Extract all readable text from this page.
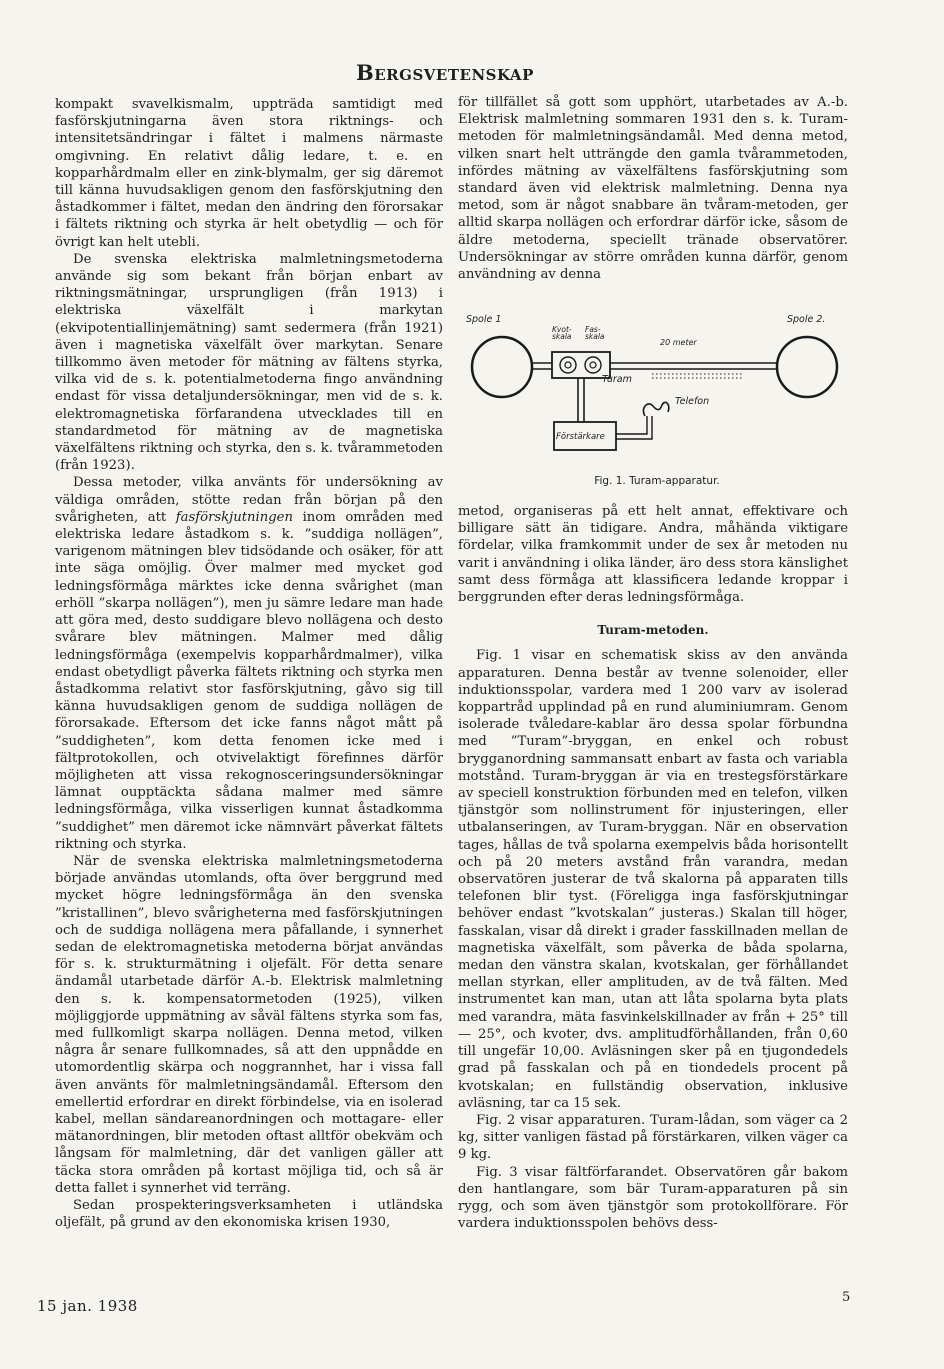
Bergsvetenskap

kompakt svavelkismalm, uppträda samtidigt med fasförskjutningarna även stora riktnings- och intensitetsändringar i fältet i malmens närmaste omgivning. En relativt dålig ledare, t. e. en kopparhårdmalm eller en zink-blymalm, ger sig däremot till känna huvudsakligen genom den fasförskjutning den åstadkommer i fältet, medan den ändring den förorsakar i fältets riktning och styrka är helt obetydlig — och för övrigt kan helt utebli.

De svenska elektriska malmletningsmetoderna använde sig som bekant från början enbart av riktningsmätningar, ursprungligen (från 1913) i elektriska växelfält i markytan (ekvipotentiallinjemätning) samt sedermera (från 1921) även i magnetiska växelfält över markytan. Senare tillkommo även metoder för mätning av fältens styrka, vilka vid de s. k. potentialmetoderna fingo användning endast för vissa detaljundersökningar, men vid de s. k. elektromagnetiska förfarandena utvecklades till en standardmetod för mätning av de magnetiska växelfältens riktning och styrka, den s. k. tvårammetoden (från 1923).

Dessa metoder, vilka använts för undersökning av väldiga områden, stötte redan från början på den svårigheten, att fasförskjutningen inom områden med elektriska ledare åstadkom s. k. ”suddiga nollägen”, varigenom mätningen blev tidsödande och osäker, för att inte säga omöjlig. Över malmer med mycket god ledningsförmåga märktes icke denna svårighet (man erhöll ”skarpa nollägen”), men ju sämre ledare man hade att göra med, desto suddigare blevo nollägena och desto svårare blev mätningen. Malmer med dålig ledningsförmåga (exempelvis kopparhårdmalmer), vilka endast obetydligt påverka fältets riktning och styrka men åstadkomma relativt stor fasförskjutning, gåvo sig till känna huvudsakligen genom de suddiga nollägen de förorsakade. Eftersom det icke fanns något mått på ”suddigheten”, kom detta fenomen icke med i fältprotokollen, och otvivelaktigt förefinnes därför möjligheten att vissa rekognosceringsundersökningar lämnat oupptäckta sådana malmer med sämre ledningsförmåga, vilka visserligen kunnat åstadkomma ”suddighet” men däremot icke nämnvärt påverkat fältets riktning och styrka.

När de svenska elektriska malmletningsmetoderna började användas utomlands, ofta över berggrund med mycket högre ledningsförmåga än den svenska ”kristallinen”, blevo svårigheterna med fasförskjutningen och de suddiga nollägena mera påfallande, i synnerhet sedan de elektromagnetiska metoderna börjat användas för s. k. strukturmätning i oljefält. För detta senare ändamål utarbetade därför A.-b. Elektrisk malmletning den s. k. kompensatormetoden (1925), vilken möjliggjorde uppmätning av såväl fältens styrka som fas, med fullkomligt skarpa nollägen. Denna metod, vilken några år senare fullkomnades, så att den uppnådde en utomordentlig skärpa och noggrannhet, har i vissa fall även använts för malmletningsändamål. Eftersom den emellertid erfordrar en direkt förbindelse, via en isolerad kabel, mellan sändareanordningen och mottagare- eller mätanordningen, blir metoden oftast alltför obekväm och långsam för malmletning, där det vanligen gäller att täcka stora områden på kortast möjliga tid, och så är detta fallet i synnerhet vid terräng.

Sedan prospekteringsverksamheten i utländska oljefält, på grund av den ekonomiska krisen 1930,

för tillfället så gott som upphört, utarbetades av A.-b. Elektrisk malmletning sommaren 1931 den s. k. Turam-metoden för malmletningsändamål. Med denna metod, vilken snart helt utträngde den gamla tvårammetoden, infördes mätning av växelfältens fasförskjutning som standard även vid elektrisk malmletning. Denna nya metod, som är något snabbare än tvåram-metoden, ger alltid skarpa nollägen och erfordrar därför icke, såsom de äldre metoderna, speciellt tränade observatörer. Undersökningar av större områden kunna därför, genom användning av denna

Spole 1	Spole 2.
Kvot-skala
Fas-skala
20 meter
Turam
Telefon
Förstärkare
Fig. 1. Turam-apparatur.

metod, organiseras på ett helt annat, effektivare och billigare sätt än tidigare. Andra, måhända viktigare fördelar, vilka framkommit under de sex år metoden nu varit i användning i olika länder, äro dess stora känslighet samt dess förmåga att klassificera ledande kroppar i berggrunden efter deras ledningsförmåga.

Turam-metoden.

Fig. 1 visar en schematisk skiss av den använda apparaturen. Denna består av tvenne solenoider, eller induktionsspolar, vardera med 1 200 varv av isolerad koppartråd upplindad på en rund aluminiumram. Genom isolerade tvåledare-kablar äro dessa spolar förbundna med ”Turam”-bryggan, en enkel och robust brygganordning sammansatt enbart av fasta och variabla motstånd. Turam-bryggan är via en trestegsförstärkare av speciell konstruktion förbunden med en telefon, vilken tjänstgör som nollinstrument för injusteringen, eller utbalanseringen, av Turam-bryggan. När en observation tages, hållas de två spolarna exempelvis båda horisontellt och på 20 meters avstånd från varandra, medan observatören justerar de två skalorna på apparaten tills telefonen blir tyst. (Föreligga inga fasförskjutningar behöver endast ”kvotskalan” justeras.) Skalan till höger, fasskalan, visar då direkt i grader fasskillnaden mellan de magnetiska växelfält, som påverka de båda spolarna, medan den vänstra skalan, kvotskalan, ger förhållandet mellan styrkan, eller amplituden, av de två fälten. Med instrumentet kan man, utan att låta spolarna byta plats med varandra, mäta fasvinkelskillnader av från + 25° till — 25°, och kvoter, dvs. amplitudförhållanden, från 0,60 till ungefär 10,00. Avläsningen sker på en tjugondedels grad på fasskalan och på en tiondedels procent på kvotskalan; en fullständig observation, inklusive avläsning, tar ca 15 sek.

Fig. 2 visar apparaturen. Turam-lådan, som väger ca 2 kg, sitter vanligen fästad på förstärkaren, vilken väger ca 9 kg.

Fig. 3 visar fältförfarandet. Observatören går bakom den hantlangare, som bär Turam-apparaturen på sin rygg, och som även tjänstgör som protokollförare. För vardera induktionsspolen behövs dess-

15 jan. 1938	5
